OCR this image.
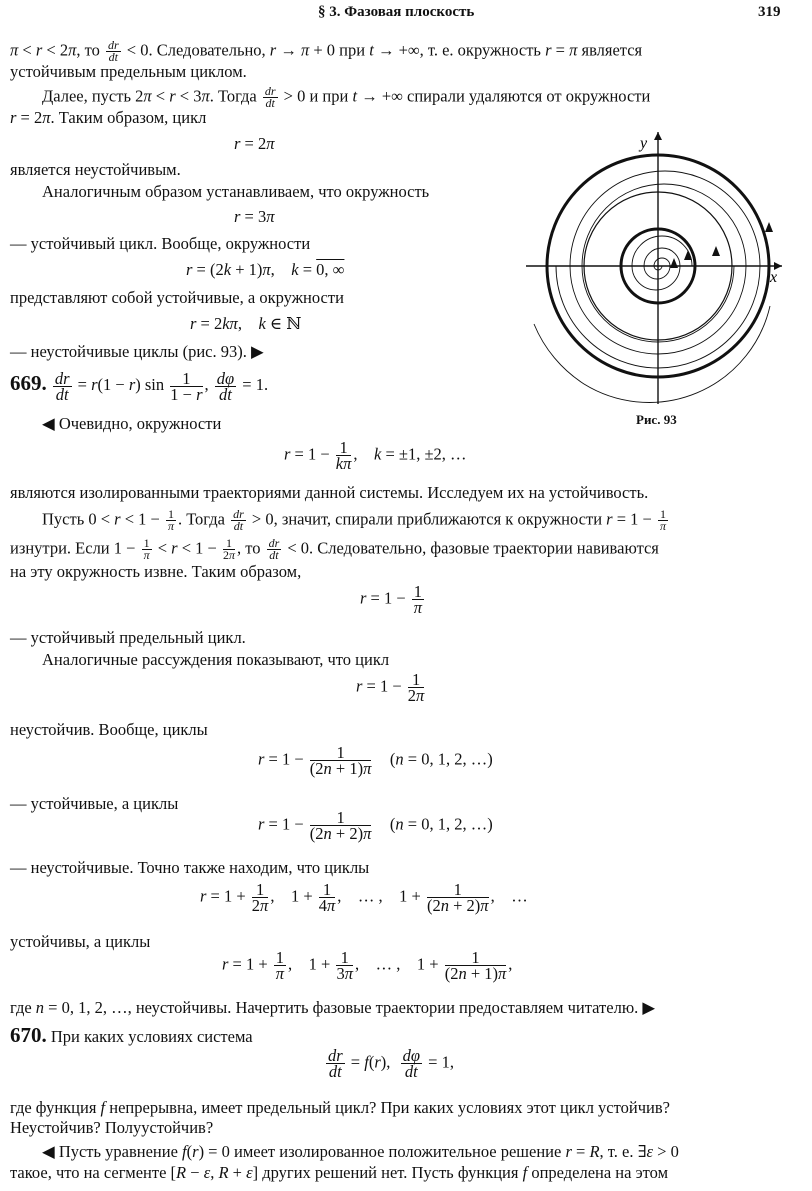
§ 3. Фазовая плоскость	319
π < r < 2π, то $\frac{dr}{dt} < 0$. Следовательно, r → π + 0 при t → +∞, т. е. окружность r = π является
устойчивым предельным циклом.
Далее, пусть 2π < r < 3π. Тогда $\frac{dr}{dt} > 0$ и при t → +∞ спирали удаляются от окружности
r = 2π. Таким образом, цикл
r = 2π
является неустойчивым.
Аналогичным образом устанавливаем, что окружность
r = 3π
— устойчивый цикл. Вообще, окружности
r = (2k + 1)π,    k = 0, ∞
представляют собой устойчивые, а окружности
r = 2kπ,    k ∈ ℕ
— неустойчивые циклы (рис. 93). ▶
669. $\frac{dr}{dt} = r(1 - r)$ $\sin \frac{1}{1 - r}$ , $\frac{d\varphi}{dt} = 1$.
◀ Очевидно, окружности
$r = 1 - \frac{1}{k\pi}$ ,    k = ±1, ±2, …
являются изолированными траекториями данной системы. Исследуем их на устойчивость.
Пусть $0 < r < 1 - \frac{1}{\pi}$ . Тогда $\frac{dr}{dt} > 0$, значит, спирали приближаются к окружности $r = 1 - \frac{1}{\pi}$
изнутри. Если $1 - \frac{1}{\pi} < r < 1 - \frac{1}{2\pi}$ , то $\frac{dr}{dt} < 0$. Следовательно, фазовые траектории навиваются
на эту окружность извне. Таким образом,
$r = 1 - \frac{1}{\pi}$
— устойчивый предельный цикл.
Аналогичные рассуждения показывают, что цикл
$r = 1 - \frac{1}{2\pi}$
неустойчив. Вообще, циклы
$r = 1 - \frac{1}{(2n + 1)\pi} (n = 0$, 1, 2, …)
— устойчивые, а циклы
$r = 1 - \frac{1}{(2n + 2)\pi} (n = 0$, 1, 2, …)
— неустойчивые. Точно также находим, что циклы
$r = 1 + \frac{1}{2\pi}$ ,    $1 + \frac{1}{4\pi}$ ,    … ,    $1 + \frac{1}{(2n + 2)\pi}$ ,    …
устойчивы, а циклы
$r = 1 + \frac{1}{\pi}$ ,    $1 + \frac{1}{3\pi}$ ,    … ,    $1 + \frac{1}{(2n + 1)\pi}$ ,
где n = 0, 1, 2, …, неустойчивы. Начертить фазовые траектории предоставляем читателю. ▶
670. При каких условиях система
$\frac{dr}{dt} = f(r)$, $\frac{d\varphi}{dt} = 1$,
где функция f непрерывна, имеет предельный цикл? При каких условиях этот цикл устойчив?
Неустойчив? Полуустойчив?
◀ Пусть уравнение f(r) = 0 имеет изолированное положительное решение r = R, т. е. ∃ε > 0
такое, что на сегменте [R − ε, R + ε] других решений нет. Пусть функция f определена на этом
x
y
Рис. 93
